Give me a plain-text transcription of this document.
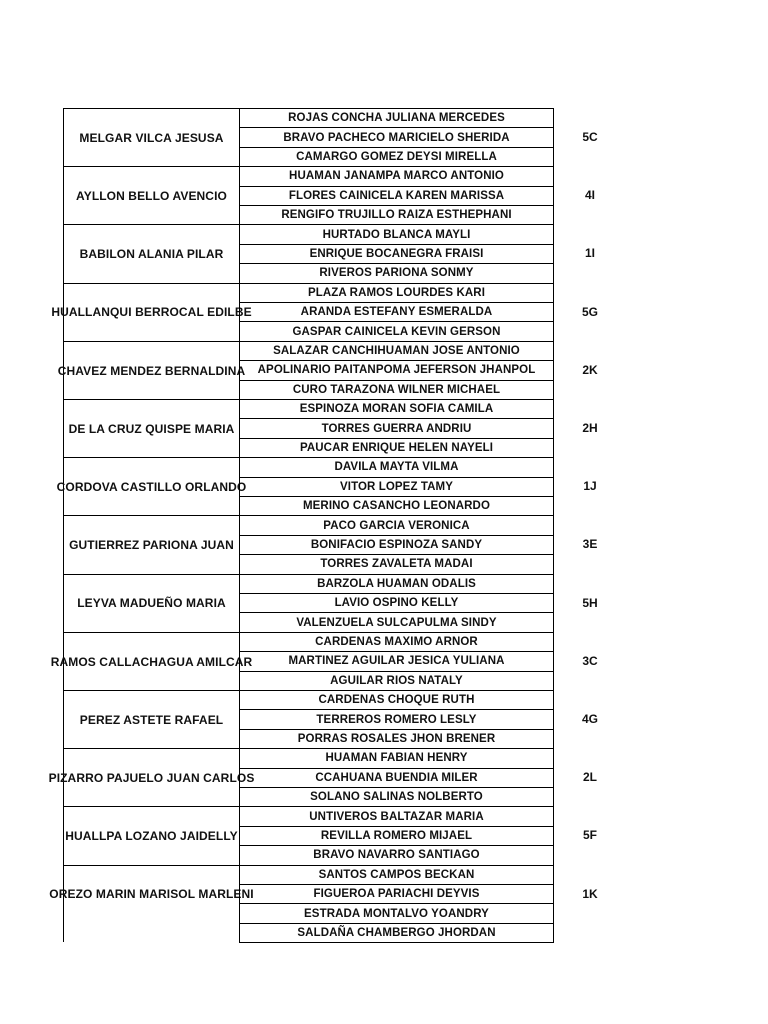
MELGAR VILCA JESUSA	5C
ROJAS CONCHA JULIANA MERCEDES
BRAVO PACHECO MARICIELO SHERIDA
CAMARGO GOMEZ DEYSI MIRELLA
AYLLON BELLO AVENCIO	4I
HUAMAN JANAMPA MARCO ANTONIO
FLORES CAINICELA KAREN MARISSA
RENGIFO TRUJILLO RAIZA ESTHEPHANI
BABILON ALANIA PILAR	1I
HURTADO BLANCA MAYLI
ENRIQUE BOCANEGRA FRAISI
RIVEROS PARIONA SONMY
HUALLANQUI BERROCAL EDILBE	5G
PLAZA RAMOS LOURDES KARI
ARANDA ESTEFANY ESMERALDA
GASPAR CAINICELA KEVIN GERSON
CHAVEZ MENDEZ BERNALDINA	2K
SALAZAR CANCHIHUAMAN JOSE ANTONIO
APOLINARIO PAITANPOMA JEFERSON JHANPOL
CURO TARAZONA WILNER MICHAEL
DE LA CRUZ QUISPE MARIA	2H
ESPINOZA MORAN SOFIA CAMILA
TORRES GUERRA ANDRIU
PAUCAR ENRIQUE HELEN NAYELI
CORDOVA CASTILLO ORLANDO	1J
DAVILA MAYTA VILMA
VITOR LOPEZ TAMY
MERINO CASANCHO LEONARDO
GUTIERREZ PARIONA JUAN	3E
PACO GARCIA VERONICA
BONIFACIO ESPINOZA SANDY
TORRES ZAVALETA MADAI
LEYVA MADUEÑO MARIA	5H
BARZOLA HUAMAN ODALIS
LAVIO OSPINO KELLY
VALENZUELA SULCAPULMA SINDY
RAMOS CALLACHAGUA AMILCAR	3C
CARDENAS MAXIMO ARNOR
MARTINEZ AGUILAR JESICA YULIANA
AGUILAR RIOS NATALY
PEREZ ASTETE RAFAEL	4G
CARDENAS CHOQUE RUTH
TERREROS ROMERO LESLY
PORRAS ROSALES JHON BRENER
PIZARRO PAJUELO JUAN CARLOS	2L
HUAMAN FABIAN HENRY
CCAHUANA BUENDIA MILER
SOLANO SALINAS NOLBERTO
HUALLPA LOZANO JAIDELLY	5F
UNTIVEROS BALTAZAR MARIA
REVILLA ROMERO MIJAEL
BRAVO NAVARRO SANTIAGO
OREZO MARIN MARISOL MARLENI	1K
SANTOS CAMPOS BECKAN
FIGUEROA PARIACHI DEYVIS
ESTRADA MONTALVO YOANDRY
SALDAÑA CHAMBERGO JHORDAN
